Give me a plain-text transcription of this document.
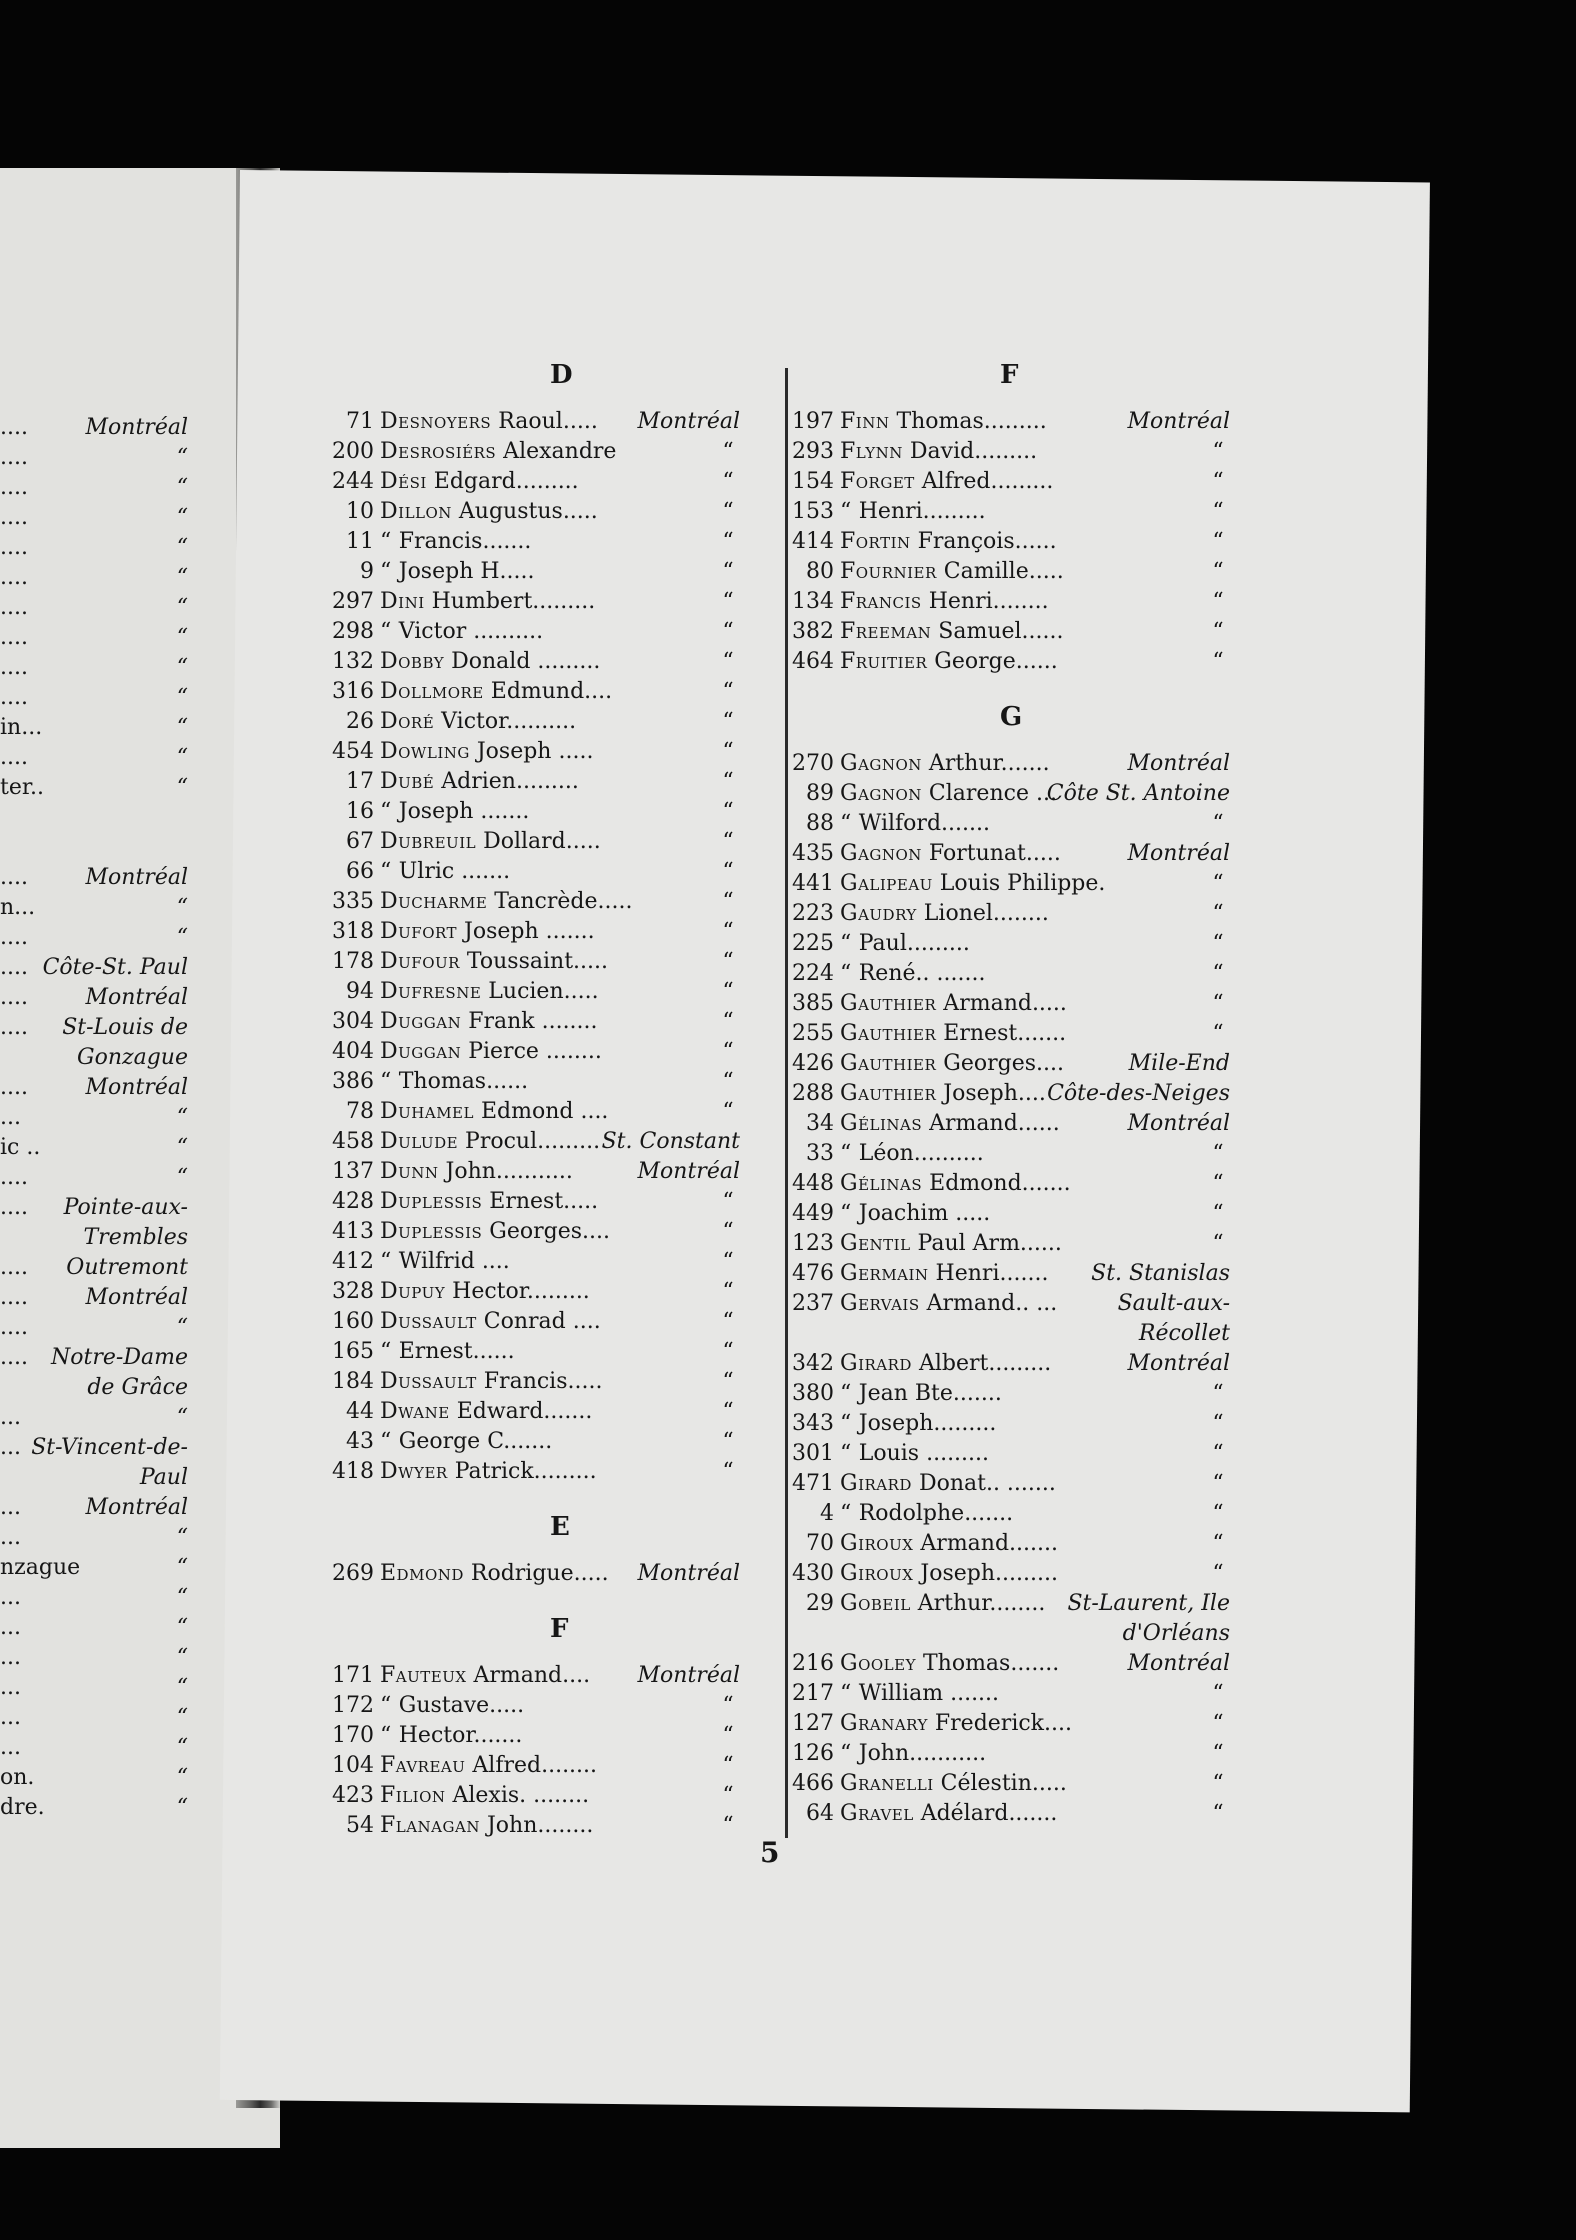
....	Montréal
....	“
....	“
....	“
....	“
....	“
....	“
....	“
....	“
....	“
in...	“
....	“
ter..	“
....	Montréal
n...	“
....	“
.... Côte-St. Paul
....	Montréal
.... St-Louis de
Gonzague
....	Montréal
...	“
ic ..	“
....	“
.... Pointe-aux-
Trembles
.... Outremont
....	Montréal
....	“
.... Notre-Dame
de Grâce
...	“
... St-Vincent-de-
Paul
...	Montréal
...	“
nzague	“
...	“
...	“
...	“
...	“
...	“
...	“
on.	“
dre.	“
D
71 Desnoyers Raoul..... Montréal
200 Desrosiérs Alexandre	“
244 Dési Edgard.........	“
10 Dillon Augustus.....	“
11 “ Francis.......	“
9 “ Joseph H.....	“
297 Dini Humbert.........	“
298 “ Victor ..........	“
132 Dobby Donald .........	“
316 Dollmore Edmund....	“
26 Doré Victor..........	“
454 Dowling Joseph .....	“
17 Dubé Adrien.........	“
16 “ Joseph .......	“
67 Dubreuil Dollard.....	“
66 “ Ulric .......	“
335 Ducharme Tancrède.....	“
318 Dufort Joseph .......	“
178 Dufour Toussaint.....	“
94 Dufresne Lucien.....	“
304 Duggan Frank ........	“
404 Duggan Pierce ........	“
386 “ Thomas......	“
78 Duhamel Edmond ....	“
458 Dulude Procul......... St. Constant
137 Dunn John...........	Montréal
428 Duplessis Ernest.....	“
413 Duplessis Georges....	“
412 “ Wilfrid ....	“
328 Dupuy Hector.........	“
160 Dussault Conrad ....	“
165 “ Ernest......	“
184 Dussault Francis.....	“
44 Dwane Edward.......	“
43 “ George C.......	“
418 Dwyer Patrick.........	“
E
269 Edmond Rodrigue..... Montréal
F
171 Fauteux Armand.... Montréal
172 “ Gustave.....	“
170 “ Hector.......	“
104 Favreau Alfred........	“
423 Filion Alexis. ........	“
54 Flanagan John........	“
F
197 Finn Thomas.........	Montréal
293 Flynn David.........	“
154 Forget Alfred.........	“
153 “ Henri.........	“
414 Fortin François......	“
80 Fournier Camille.....	“
134 Francis Henri........	“
382 Freeman Samuel......	“
464 Fruitier George......	“
G
270 Gagnon Arthur.......	Montréal
89 Gagnon Clarence ...
Côte St. Antoine
88 “ Wilford.......	“
435 Gagnon Fortunat.....	Montréal
441 Galipeau Louis Philippe.	“
223 Gaudry Lionel........	“
225 “ Paul.........	“
224 “ René.. .......	“
385 Gauthier Armand.....	“
255 Gauthier Ernest.......	“
426 Gauthier Georges....	Mile-End
288 Gauthier Joseph.... Côte-des-Neiges
34 Gélinas Armand......	Montréal
33 “ Léon..........	“
448 Gélinas Edmond.......	“
449 “ Joachim .....	“
123 Gentil Paul Arm......	“
476 Germain Henri....... St. Stanislas
237 Gervais Armand.. ...	Sault-aux-
Récollet
342 Girard Albert.........	Montréal
380 “ Jean Bte.......	“
343 “ Joseph.........	“
301 “ Louis .........	“
471 Girard Donat.. .......	“
4 “ Rodolphe.......	“
70 Giroux Armand.......	“
430 Giroux Joseph.........	“
29 Gobeil Arthur........ St-Laurent, Ile
d'Orléans
216 Gooley Thomas.......	Montréal
217 “ William .......	“
127 Granary Frederick....	“
126 “ John...........	“
466 Granelli Célestin.....	“
64 Gravel Adélard.......	“
5
